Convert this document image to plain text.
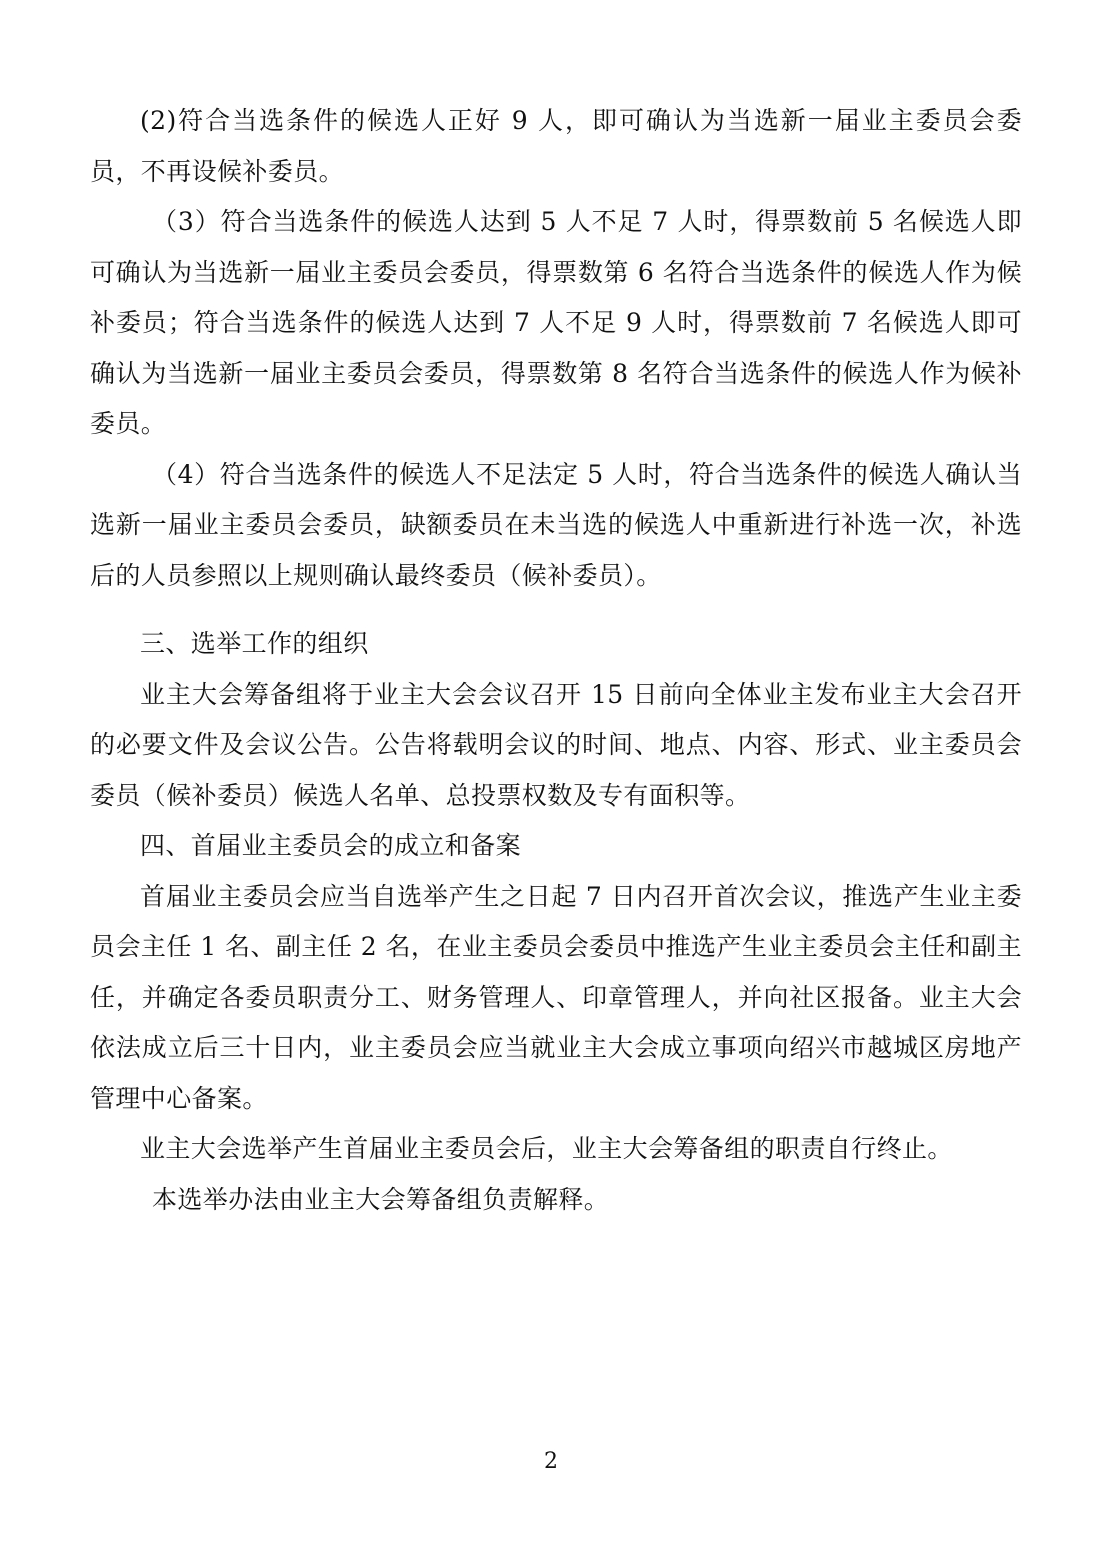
(2)符合当选条件的候选人正好 9 人，即可确认为当选新一届业主委员会委员，不再设候补委员。

（3）符合当选条件的候选人达到 5 人不足 7 人时，得票数前 5 名候选人即可确认为当选新一届业主委员会委员，得票数第 6 名符合当选条件的候选人作为候补委员；符合当选条件的候选人达到 7 人不足 9 人时，得票数前 7 名候选人即可确认为当选新一届业主委员会委员，得票数第 8 名符合当选条件的候选人作为候补委员。

（4）符合当选条件的候选人不足法定 5 人时，符合当选条件的候选人确认当选新一届业主委员会委员，缺额委员在未当选的候选人中重新进行补选一次，补选后的人员参照以上规则确认最终委员（候补委员）。

三、选举工作的组织

业主大会筹备组将于业主大会会议召开 15 日前向全体业主发布业主大会召开的必要文件及会议公告。公告将载明会议的时间、地点、内容、形式、业主委员会委员（候补委员）候选人名单、总投票权数及专有面积等。

四、首届业主委员会的成立和备案

首届业主委员会应当自选举产生之日起 7 日内召开首次会议，推选产生业主委员会主任 1 名、副主任 2 名，在业主委员会委员中推选产生业主委员会主任和副主任，并确定各委员职责分工、财务管理人、印章管理人，并向社区报备。业主大会依法成立后三十日内，业主委员会应当就业主大会成立事项向绍兴市越城区房地产管理中心备案。

业主大会选举产生首届业主委员会后，业主大会筹备组的职责自行终止。

本选举办法由业主大会筹备组负责解释。

2
